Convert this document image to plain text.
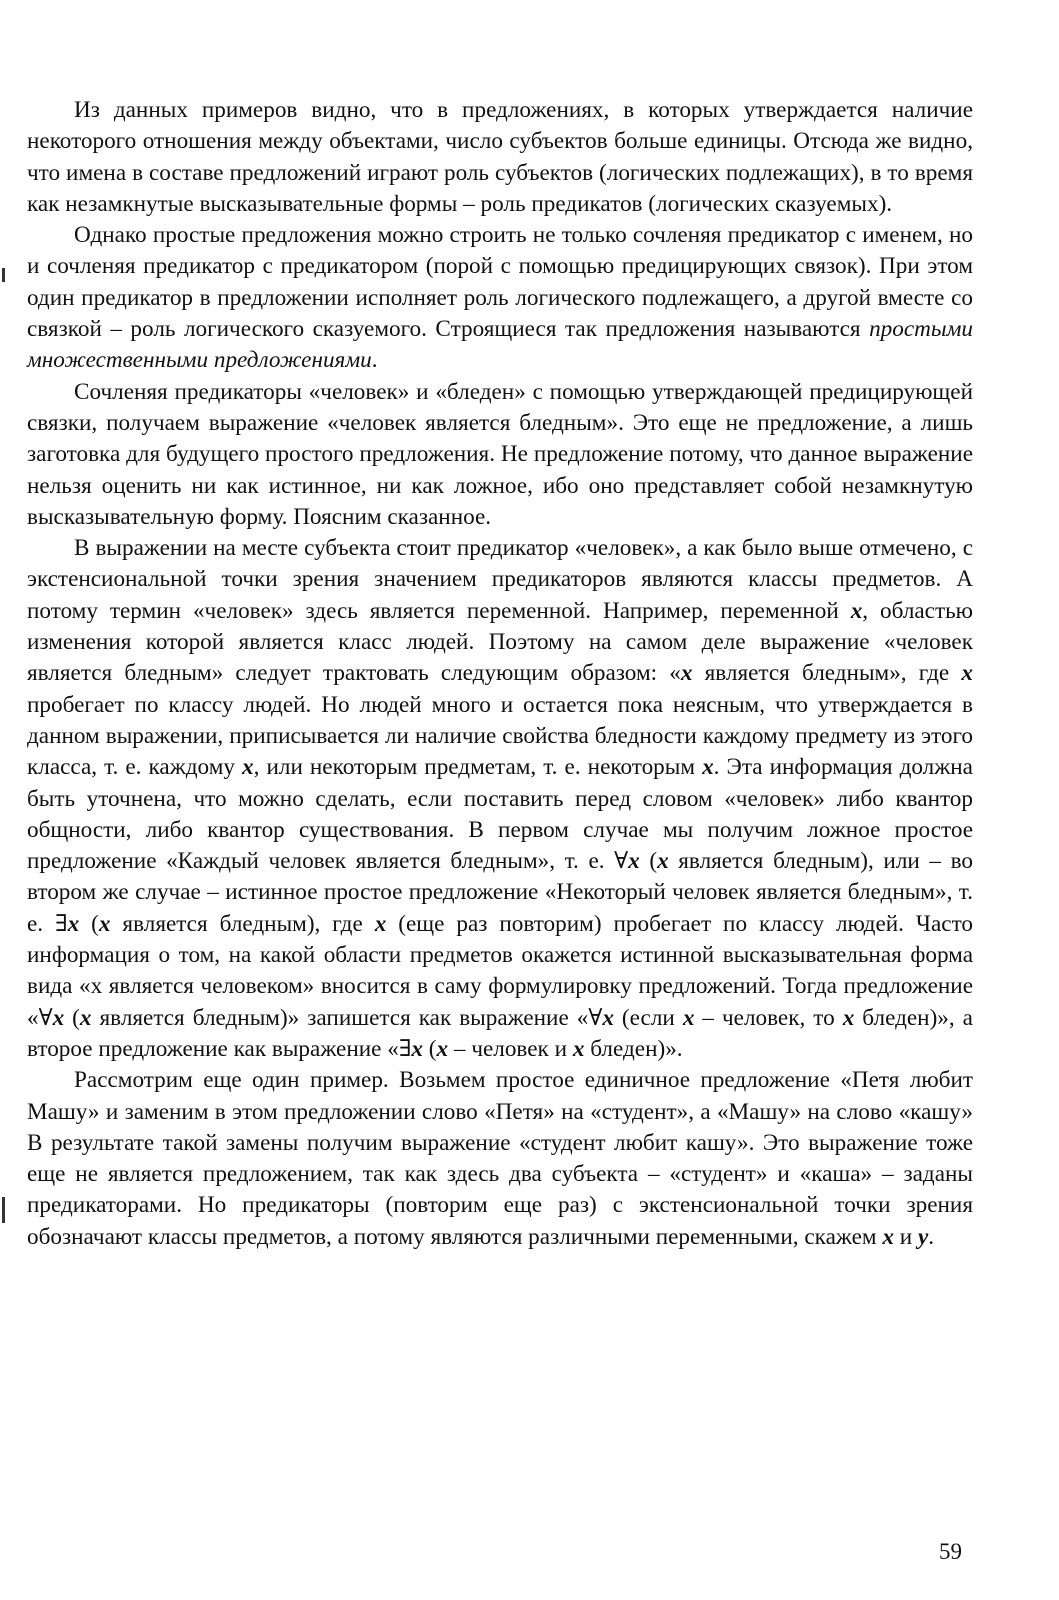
Из данных примеров видно, что в предложениях, в которых утверждается наличие некоторого отношения между объектами, число субъектов больше единицы. Отсюда же видно, что имена в составе предложений играют роль субъектов (логических подлежащих), в то время как незамкнутые высказывательные формы – роль предикатов (логических сказуемых).

Однако простые предложения можно строить не только сочленяя предикатор с именем, но и сочленяя предикатор с предикатором (порой с помощью предицирующих связок). При этом один предикатор в предложении исполняет роль логического подлежащего, а другой вместе со связкой – роль логического сказуемого. Строящиеся так предложения называются простыми множественными предложениями.

Сочленяя предикаторы «человек» и «бледен» с помощью утверждающей предицирующей связки, получаем выражение «человек является бледным». Это еще не предложение, а лишь заготовка для будущего простого предложения. Не предложение потому, что данное выражение нельзя оценить ни как истинное, ни как ложное, ибо оно представляет собой незамкнутую высказывательную форму. Поясним сказанное.

В выражении на месте субъекта стоит предикатор «человек», а как было выше отмечено, с экстенсиональной точки зрения значением предикаторов являются классы предметов. А потому термин «человек» здесь является переменной. Например, переменной x, областью изменения которой является класс людей. Поэтому на самом деле выражение «человек является бледным» следует трактовать следующим образом: «x является бледным», где x пробегает по классу людей. Но людей много и остается пока неясным, что утверждается в данном выражении, приписывается ли наличие свойства бледности каждому предмету из этого класса, т. е. каждому x, или некоторым предметам, т. е. некоторым x. Эта информация должна быть уточнена, что можно сделать, если поставить перед словом «человек» либо квантор общности, либо квантор существования. В первом случае мы получим ложное простое предложение «Каждый человек является бледным», т. е. ∀x (x является бледным), или – во втором же случае – истинное простое предложение «Некоторый человек является бледным», т. е. ∃x (x является бледным), где x (еще раз повторим) пробегает по классу людей. Часто информация о том, на какой области предметов окажется истинной высказывательная форма вида «x является человеком» вносится в саму формулировку предложений. Тогда предложение «∀x (x является бледным)» запишется как выражение «∀x (если x – человек, то x бледен)», а второе предложение как выражение «∃x (x – человек и x бледен)».

Рассмотрим еще один пример. Возьмем простое единичное предложение «Петя любит Машу» и заменим в этом предложении слово «Петя» на «студент», а «Машу» на слово «кашу» В результате такой замены получим выражение «студент любит кашу». Это выражение тоже еще не является предложением, так как здесь два субъекта – «студент» и «каша» – заданы предикаторами. Но предикаторы (повторим еще раз) с экстенсиональной точки зрения обозначают классы предметов, а потому являются различными переменными, скажем x и y.

59
